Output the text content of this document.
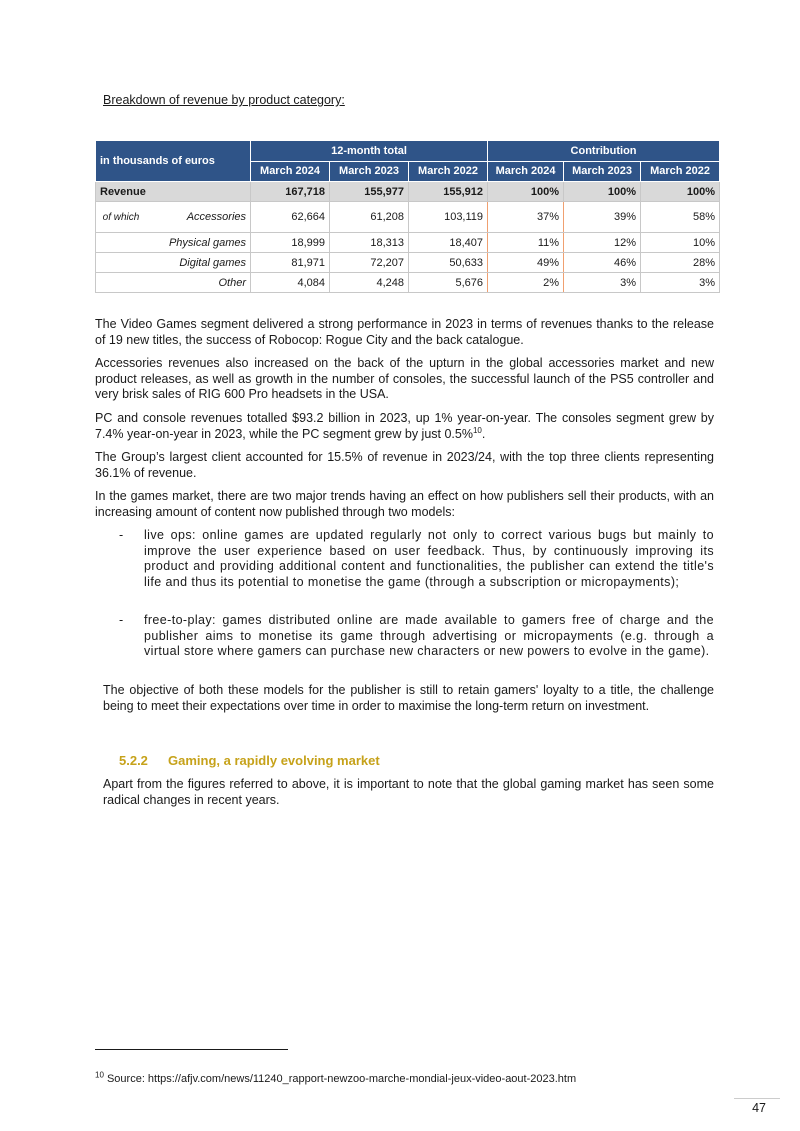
Breakdown of revenue by product category:
in thousands of euros	12-month total			Contribution		
	March 2024	March 2023	March 2022	March 2024	March 2023	March 2022
Revenue	167,718	155,977	155,912	100%	100%	100%

of which Accessories	62,664	61,208	103,119	37%	39%	58%
Physical games	18,999	18,313	18,407	11%	12%	10%
Digital games	81,971	72,207	50,633	49%	46%	28%
Other	4,084	4,248	5,676	2%	3%	3%
The Video Games segment delivered a strong performance in 2023 in terms of revenues thanks to the release of 19 new titles, the success of Robocop: Rogue City and the back catalogue.
Accessories revenues also increased on the back of the upturn in the global accessories market and new product releases, as well as growth in the number of consoles, the successful launch of the PS5 controller and very brisk sales of RIG 600 Pro headsets in the USA.
PC and console revenues totalled $93.2 billion in 2023, up 1% year-on-year. The consoles segment grew by 7.4% year-on-year in 2023, while the PC segment grew by just 0.5%$^{10}$.
The Group’s largest client accounted for 15.5% of revenue in 2023/24, with the top three clients representing 36.1% of revenue.
In the games market, there are two major trends having an effect on how publishers sell their products, with an increasing amount of content now published through two models:
- live ops: online games are updated regularly not only to correct various bugs but mainly to improve the user experience based on user feedback. Thus, by continuously improving its product and providing additional content and functionalities, the publisher can extend the title's life and thus its potential to monetise the game (through a subscription or micropayments);
- free-to-play: games distributed online are made available to gamers free of charge and the publisher aims to monetise its game through advertising or micropayments (e.g. through a virtual store where gamers can purchase new characters or new powers to evolve in the game).
The objective of both these models for the publisher is still to retain gamers' loyalty to a title, the challenge being to meet their expectations over time in order to maximise the long-term return on investment.
5.2.2 Gaming, a rapidly evolving market
Apart from the figures referred to above, it is important to note that the global gaming market has seen some radical changes in recent years.
$^{10}$ Source: https://afjv.com/news/11240_rapport-newzoo-marche-mondial-jeux-video-aout-2023.htm
47
